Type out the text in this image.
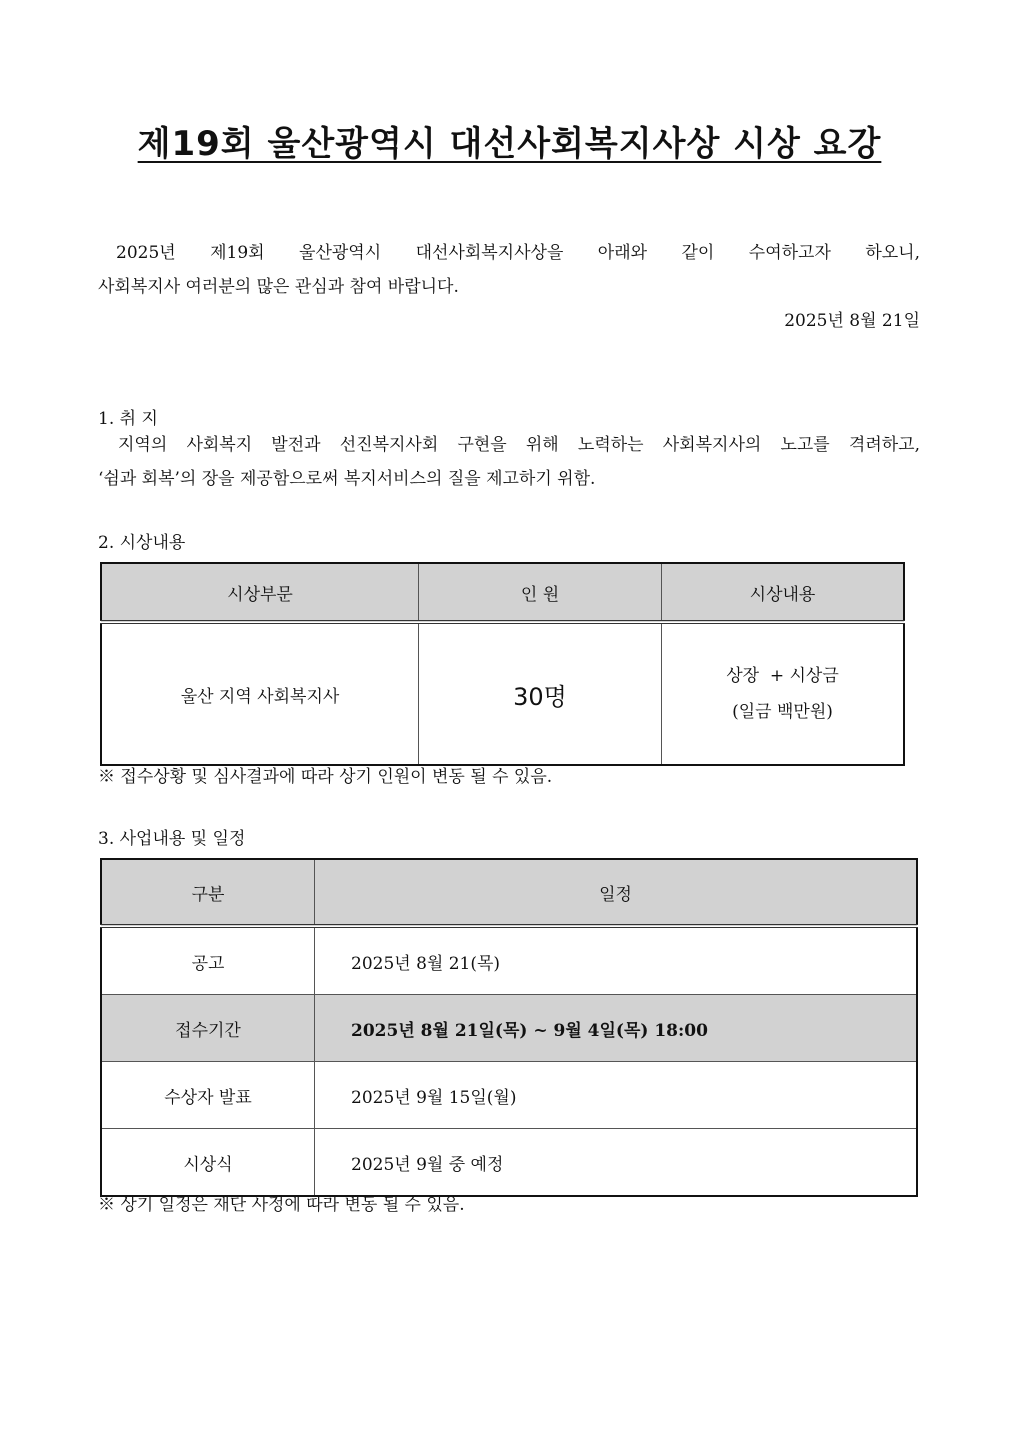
제19회 울산광역시 대선사회복지사상 시상 요강
2025년 제19회 울산광역시 대선사회복지사상을 아래와 같이 수여하고자 하오니,
사회복지사 여러분의 많은 관심과 참여 바랍니다.
2025년 8월 21일
1. 취 지
지역의 사회복지 발전과 선진복지사회 구현을 위해 노력하는 사회복지사의 노고를 격려하고,
‘쉼과 회복’의 장을 제공함으로써 복지서비스의 질을 제고하기 위함.
2. 시상내용
시상부문	인 원	시상내용
울산 지역 사회복지사	30명	상장  + 시상금
(일금 백만원)
※ 접수상황 및 심사결과에 따라 상기 인원이 변동 될 수 있음.
3. 사업내용 및 일정
구분	일정
공고	2025년 8월 21(목)
접수기간	2025년 8월 21일(목) ~ 9월 4일(목) 18:00
수상자 발표	2025년 9월 15일(월)
시상식	2025년 9월 중 예정
※ 상기 일정은 재단 사정에 따라 변동 될 수 있음.
